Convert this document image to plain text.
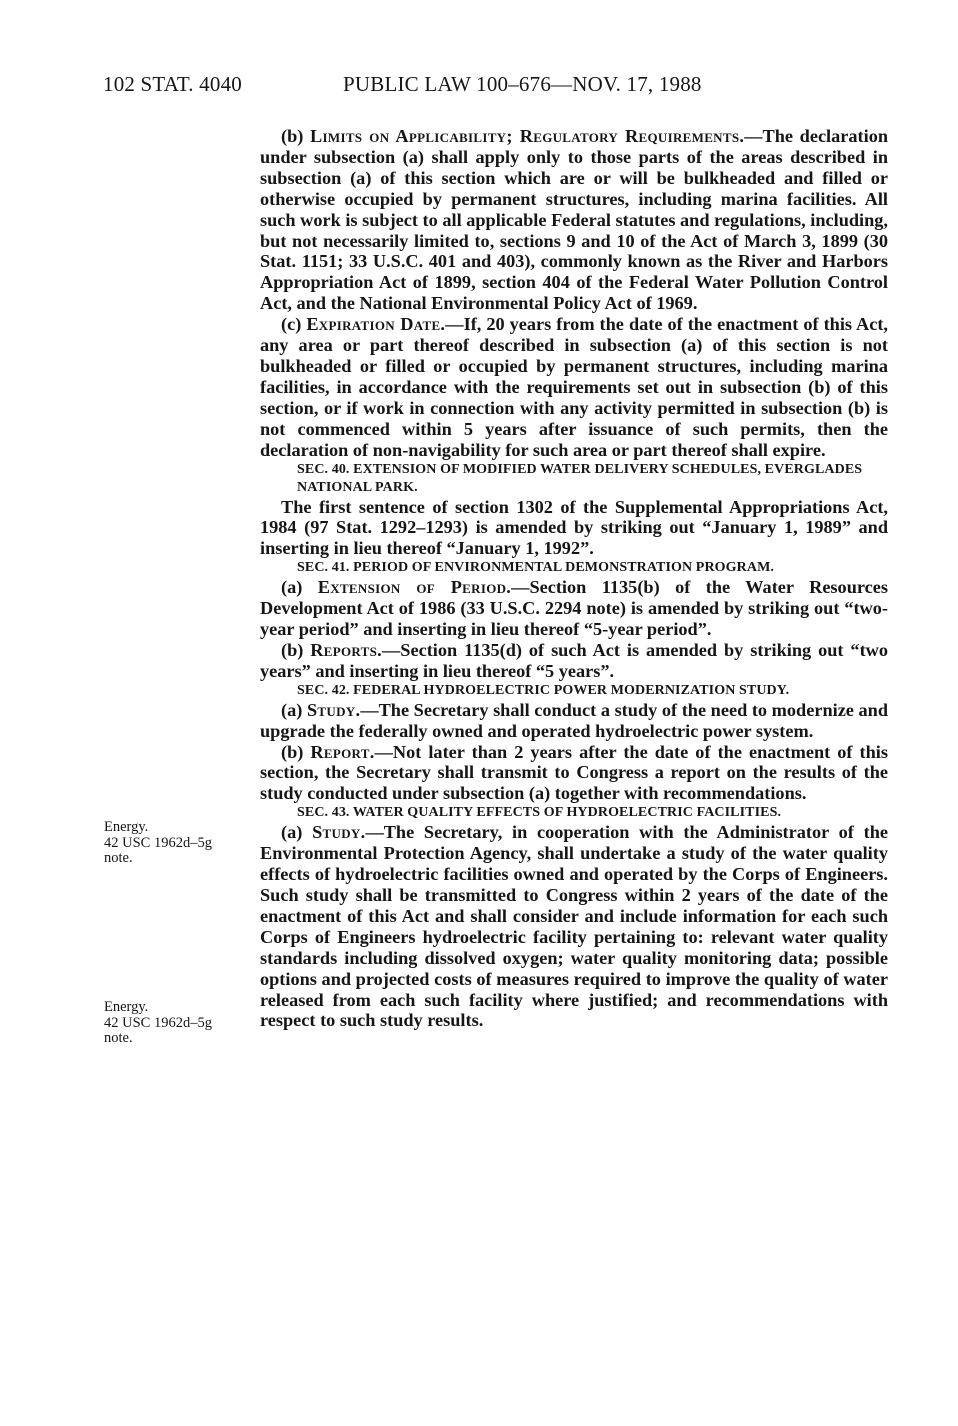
102 STAT. 4040	PUBLIC LAW 100–676—NOV. 17, 1988

(b) Limits on Applicability; Regulatory Requirements.—The declaration under subsection (a) shall apply only to those parts of the areas described in subsection (a) of this section which are or will be bulkheaded and filled or otherwise occupied by permanent structures, including marina facilities. All such work is subject to all applicable Federal statutes and regulations, including, but not necessarily limited to, sections 9 and 10 of the Act of March 3, 1899 (30 Stat. 1151; 33 U.S.C. 401 and 403), commonly known as the River and Harbors Appropriation Act of 1899, section 404 of the Federal Water Pollution Control Act, and the National Environmental Policy Act of 1969.

(c) Expiration Date.—If, 20 years from the date of the enactment of this Act, any area or part thereof described in subsection (a) of this section is not bulkheaded or filled or occupied by permanent structures, including marina facilities, in accordance with the requirements set out in subsection (b) of this section, or if work in connection with any activity permitted in subsection (b) is not commenced within 5 years after issuance of such permits, then the declaration of non-navigability for such area or part thereof shall expire.

SEC. 40. EXTENSION OF MODIFIED WATER DELIVERY SCHEDULES, EVERGLADES NATIONAL PARK.

The first sentence of section 1302 of the Supplemental Appropriations Act, 1984 (97 Stat. 1292–1293) is amended by striking out “January 1, 1989” and inserting in lieu thereof “January 1, 1992”.

SEC. 41. PERIOD OF ENVIRONMENTAL DEMONSTRATION PROGRAM.

(a) Extension of Period.—Section 1135(b) of the Water Resources Development Act of 1986 (33 U.S.C. 2294 note) is amended by striking out “two-year period” and inserting in lieu thereof “5-year period”.

(b) Reports.—Section 1135(d) of such Act is amended by striking out “two years” and inserting in lieu thereof “5 years”.

SEC. 42. FEDERAL HYDROELECTRIC POWER MODERNIZATION STUDY.

(a) Study.—The Secretary shall conduct a study of the need to modernize and upgrade the federally owned and operated hydroelectric power system.

(b) Report.—Not later than 2 years after the date of the enactment of this section, the Secretary shall transmit to Congress a report on the results of the study conducted under subsection (a) together with recommendations.

SEC. 43. WATER QUALITY EFFECTS OF HYDROELECTRIC FACILITIES.

(a) Study.—The Secretary, in cooperation with the Administrator of the Environmental Protection Agency, shall undertake a study of the water quality effects of hydroelectric facilities owned and operated by the Corps of Engineers. Such study shall be transmitted to Congress within 2 years of the date of the enactment of this Act and shall consider and include information for each such Corps of Engineers hydroelectric facility pertaining to: relevant water quality standards including dissolved oxygen; water quality monitoring data; possible options and projected costs of measures required to improve the quality of water released from each such facility where justified; and recommendations with respect to such study results.

Energy.
42 USC 1962d–5g
note.
Energy.
42 USC 1962d–5g
note.
